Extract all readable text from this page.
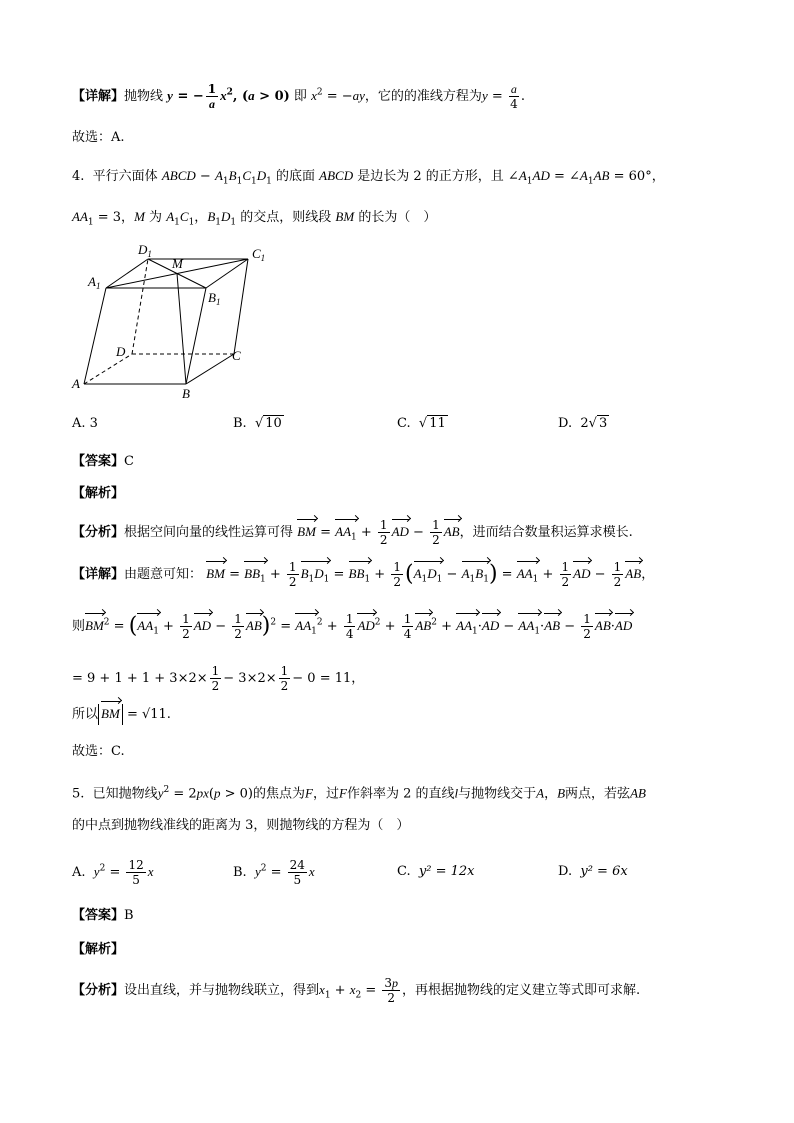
【详解】抛物线 y = − $\frac{1}{a} x^2$, (a > 0) 即 $x^2 = -ay$，它的的准线方程为$y = \frac{a}{4}$ .
故选：A.
4. 平行六面体 ABCD − $A_1B_1C_1D_1$ 的底面 ABCD 是边长为 2 的正方形，且 $\angle A_1AD$ = $\angle A_1AB = 60^\circ$，
$AA_1 = 3$，M 为 $A_1C_1$，$B_1D_1$ 的交点，则线段 BM 的长为（　）
$D_1$
M
$C_1$
$A_1$
$B_1$
D	C
A
B
A. 3	B.  √ 10	C.  √ 11	D. 2√ 3
【答案】C
【解析】
【分析】根据空间向量的线性运算可得 BM = $AA_1 + \frac{1}{2}$ AD − $\frac{1}{2}$ AB，进而结合数量积运算求模长.
【详解】由题意可知： BM = $BB_1 + \frac{1}{2} B_1D_1 = BB_1 + \frac{1}{2} (A_1D_1 - A_1B_1) = AA_1 + \frac{1}{2}$ AD − $\frac{1}{2}$ AB，
则$BM^2 = (AA_1 + \frac{1}{2}$ AD − $\frac{1}{2} AB)^2 = AA_1^2 + \frac{1}{4} AD^2 + \frac{1}{4} AB^2 + AA_1\cdot AD - AA_1\cdot AB - \frac{1}{2} AB\cdot AD$
= $9 + 1 + 1 + 3\times 2\times \frac{1}{2} - 3\times 2\times \frac{1}{2} - 0 = 11$，
所以 BM = √11.
故选：C.
5. 已知抛物线$y^2 = 2px(p > 0)$的焦点为F，过F作斜率为 2 的直线l与抛物线交于A，B两点，若弦AB
的中点到抛物线准线的距离为 3，则抛物线的方程为（　）
A. $y^2 = \frac{12}{5}$ x	B. $y^2 = \frac{24}{5}$ x	C. y² = 12x	D. y² = 6x
【答案】B
【解析】
【分析】设出直线，并与抛物线联立，得到$x_1 + x_2 = \frac{3p}{2}$ ，再根据抛物线的定义建立等式即可求解.
